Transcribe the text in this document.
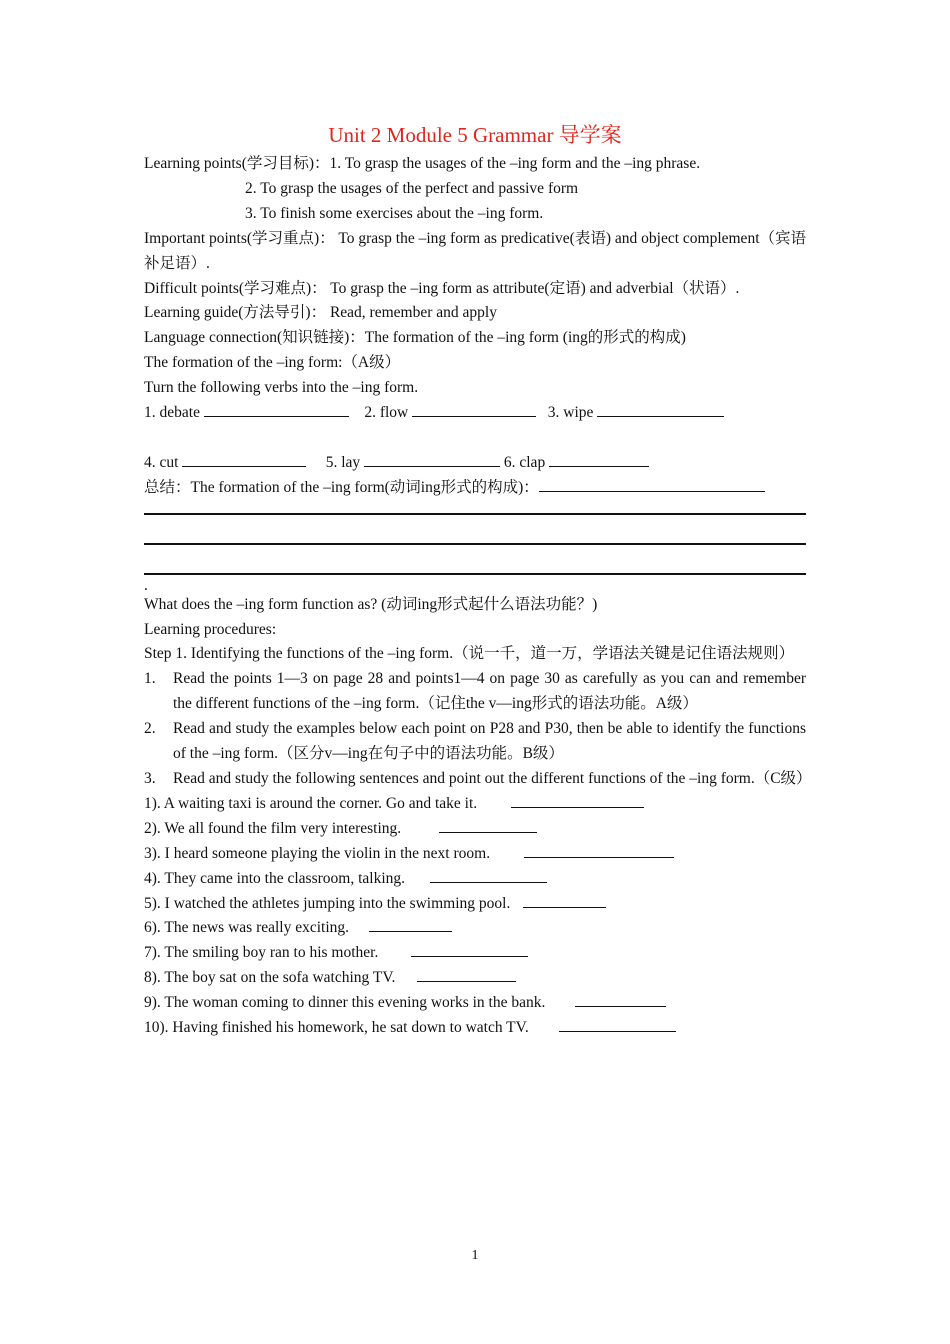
Unit 2 Module 5 Grammar 导学案
Learning points(学习目标)：1. To grasp the usages of the –ing form and the –ing phrase.
2. To grasp the usages of the perfect and passive form
3. To finish some exercises about the –ing form.
Important points(学习重点)： To grasp the –ing form as predicative(表语) and object complement（宾语补足语）.
Difficult points(学习难点)： To grasp the –ing form as attribute(定语) and adverbial（状语）.
Learning guide(方法导引)： Read, remember and apply
Language connection(知识链接)：The formation of the –ing form (ing的形式的构成)
The formation of the –ing form:（A级）
Turn the following verbs into the –ing form.
1. debate	2. flow	3. wipe
4. cut	5. lay	6. clap
总结：The formation of the –ing form(动词ing形式的构成)：
.
What does the –ing form function as? (动词ing形式起什么语法功能？)
Learning procedures:
Step 1. Identifying the functions of the –ing form.（说一千，道一万，学语法关键是记住语法规则）
1.	Read the points 1—3 on page 28 and points1—4 on page 30 as carefully as you can and remember the different functions of the –ing form.（记住the v—ing形式的语法功能。A级）
2.	Read and study the examples below each point on P28 and P30, then be able to identify the functions of the –ing form.（区分v—ing在句子中的语法功能。B级）
3.	Read and study the following sentences and point out the different functions of the –ing form.（C级）
1). A waiting taxi is around the corner. Go and take it.
2). We all found the film very interesting.
3). I heard someone playing the violin in the next room.
4). They came into the classroom, talking.
5). I watched the athletes jumping into the swimming pool.
6). The news was really exciting.
7). The smiling boy ran to his mother.
8). The boy sat on the sofa watching TV.
9). The woman coming to dinner this evening works in the bank.
10). Having finished his homework, he sat down to watch TV.
1
